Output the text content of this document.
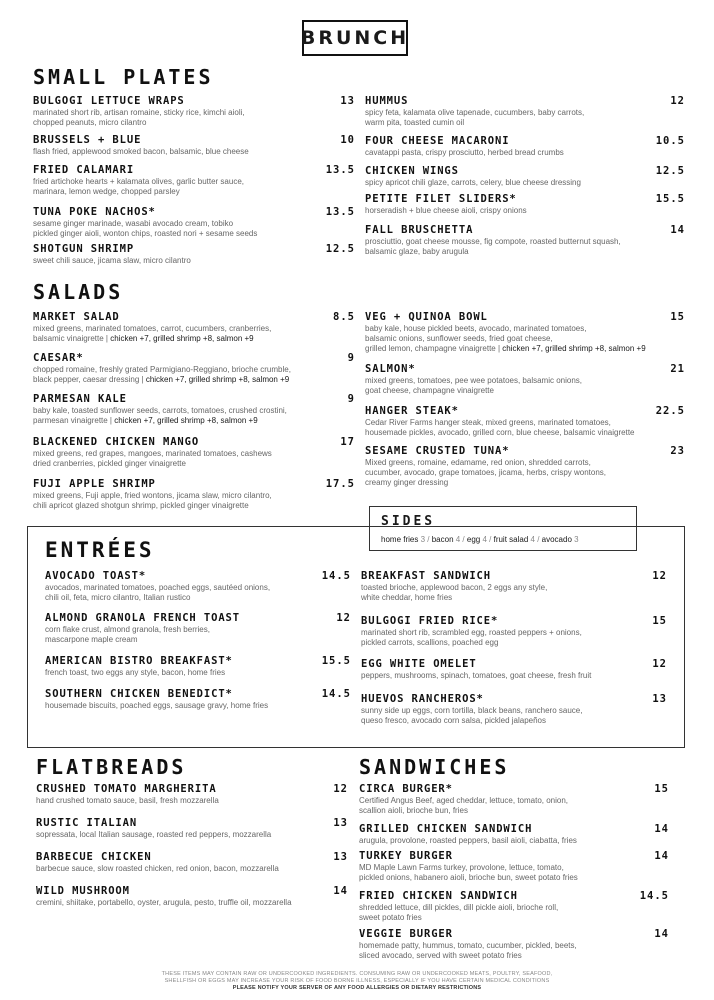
BRUNCH
SMALL PLATES
BULGOGI LETTUCE WRAPS	13
marinated short rib, artisan romaine, sticky rice, kimchi aioli,
chopped peanuts, micro cilantro
BRUSSELS + BLUE	10
flash fried, applewood smoked bacon, balsamic, blue cheese
FRIED CALAMARI	13.5
fried artichoke hearts + kalamata olives, garlic butter sauce,
marinara, lemon wedge, chopped parsley
TUNA POKE NACHOS*	13.5
sesame ginger marinade, wasabi avocado cream, tobiko
pickled ginger aioli, wonton chips, roasted nori + sesame seeds
SHOTGUN SHRIMP	12.5
sweet chili sauce, jicama slaw, micro cilantro
HUMMUS	12
spicy feta, kalamata olive tapenade, cucumbers, baby carrots,
warm pita, toasted cumin oil
FOUR CHEESE MACARONI	10.5
cavatappi pasta, crispy prosciutto, herbed bread crumbs
CHICKEN WINGS	12.5
spicy apricot chili glaze, carrots, celery, blue cheese dressing
PETITE FILET SLIDERS*	15.5
horseradish + blue cheese aioli, crispy onions
FALL BRUSCHETTA	14
prosciuttio, goat cheese mousse, fig compote, roasted butternut squash,
balsamic glaze, baby arugula
SALADS
MARKET SALAD	8.5
mixed greens, marinated tomatoes, carrot, cucumbers, cranberries,
balsamic vinaigrette | chicken +7, grilled shrimp +8, salmon +9
CAESAR*	9
chopped romaine, freshly grated Parmigiano-Reggiano, brioche crumble,
black pepper, caesar dressing | chicken +7, grilled shrimp +8, salmon +9
PARMESAN KALE	9
baby kale, toasted sunflower seeds, carrots, tomatoes, crushed crostini,
parmesan vinaigrette | chicken +7, grilled shrimp +8, salmon +9
BLACKENED CHICKEN MANGO	17
mixed greens, red grapes, mangoes, marinated tomatoes, cashews
dried cranberries, pickled ginger vinaigrette
FUJI APPLE SHRIMP	17.5
mixed greens, Fuji apple, fried wontons, jicama slaw, micro cilantro,
chili apricot glazed shotgun shrimp, pickled ginger vinaigrette
VEG + QUINOA BOWL	15
baby kale, house pickled beets, avocado, marinated tomatoes,
balsamic onions, sunflower seeds, fried goat cheese,
grilled lemon, champagne vinaigrette | chicken +7, grilled shrimp +8, salmon +9
SALMON*	21
mixed greens, tomatoes, pee wee potatoes, balsamic onions,
goat cheese, champagne vinaigrette
HANGER STEAK*	22.5
Cedar River Farms hanger steak, mixed greens, marinated tomatoes,
housemade pickles, avocado, grilled corn, blue cheese, balsamic vinaigrette
SESAME CRUSTED TUNA*	23
Mixed greens, romaine, edamame, red onion, shredded carrots,
cucumber, avocado, grape tomatoes, jicama, herbs, crispy wontons,
creamy ginger dressing
SIDES
home fries 3 / bacon 4 / egg 4 / fruit salad 4 / avocado 3
ENTRÉES
AVOCADO TOAST*	14.5
avocados, marinated tomatoes, poached eggs, sautéed onions,
chili oil, feta, micro cilantro, Italian rustico
ALMOND GRANOLA FRENCH TOAST	12
corn flake crust, almond granola, fresh berries,
mascarpone maple cream
AMERICAN BISTRO BREAKFAST*	15.5
french toast, two eggs any style, bacon, home fries
SOUTHERN CHICKEN BENEDICT*	14.5
housemade biscuits, poached eggs, sausage gravy, home fries
BREAKFAST SANDWICH	12
toasted brioche, applewood bacon, 2 eggs any style,
white cheddar, home fries
BULGOGI FRIED RICE*	15
marinated short rib, scrambled egg, roasted peppers + onions,
pickled carrots, scallions, poached egg
EGG WHITE OMELET	12
peppers, mushrooms, spinach, tomatoes, goat cheese, fresh fruit
HUEVOS RANCHEROS*	13
sunny side up eggs, corn tortilla, black beans, ranchero sauce,
queso fresco, avocado corn salsa, pickled jalapeños
FLATBREADS
CRUSHED TOMATO MARGHERITA	12
hand crushed tomato sauce, basil, fresh mozzarella
RUSTIC ITALIAN	13
sopressata, local Italian sausage, roasted red peppers, mozzarella
BARBECUE CHICKEN	13
barbecue sauce, slow roasted chicken, red onion, bacon, mozzarella
WILD MUSHROOM	14
cremini, shiitake, portabello, oyster, arugula, pesto, truffle oil, mozzarella
SANDWICHES
CIRCA BURGER*	15
Certified Angus Beef, aged cheddar, lettuce, tomato, onion,
scallion aioli, brioche bun, fries
GRILLED CHICKEN SANDWICH	14
arugula, provolone, roasted peppers, basil aioli, ciabatta, fries
TURKEY BURGER	14
MD Maple Lawn Farms turkey, provolone, lettuce, tomato,
pickled onions, habanero aioli, brioche bun, sweet potato fries
FRIED CHICKEN SANDWICH	14.5
shredded lettuce, dill pickles, dill pickle aioli, brioche roll,
sweet potato fries
VEGGIE BURGER	14
homemade patty, hummus, tomato, cucumber, pickled, beets,
sliced avocado, served with sweet potato fries
THESE ITEMS MAY CONTAIN RAW OR UNDERCOOKED INGREDIENTS. CONSUMING RAW OR UNDERCOOKED MEATS, POULTRY, SEAFOOD,
SHELLFISH OR EGGS MAY INCREASE YOUR RISK OF FOOD BORNE ILLNESS, ESPECIALLY IF YOU HAVE CERTAIN MEDICAL CONDITIONS
PLEASE NOTIFY YOUR SERVER OF ANY FOOD ALLERGIES OR DIETARY RESTRICTIONS
